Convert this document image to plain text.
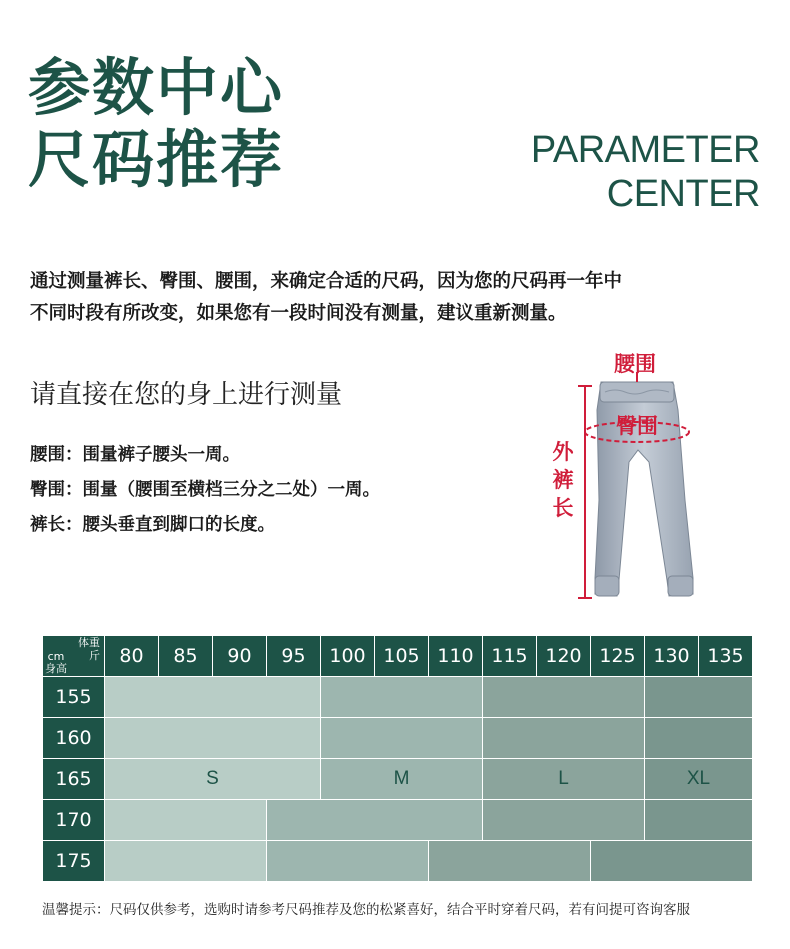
参数中心
尺码推荐	PARAMETER
CENTER
通过测量裤长、臀围、腰围，来确定合适的尺码，因为您的尺码再一年中
不同时段有所改变，如果您有一段时间没有测量，建议重新测量。
请直接在您的身上进行测量
腰围：围量裤子腰头一周。
臀围：围量（腰围至横档三分之二处）一周。
裤长：腰头垂直到脚口的长度。
腰围
臀围
外裤长
体重
斤
cm
身高	80	85	90	95	100	105	110	115	120	125	130	135
155												
160												
165	S				M			L			XL	
170												
175												
温馨提示：尺码仅供参考，选购时请参考尺码推荐及您的松紧喜好，结合平时穿着尺码，若有问提可咨询客服
